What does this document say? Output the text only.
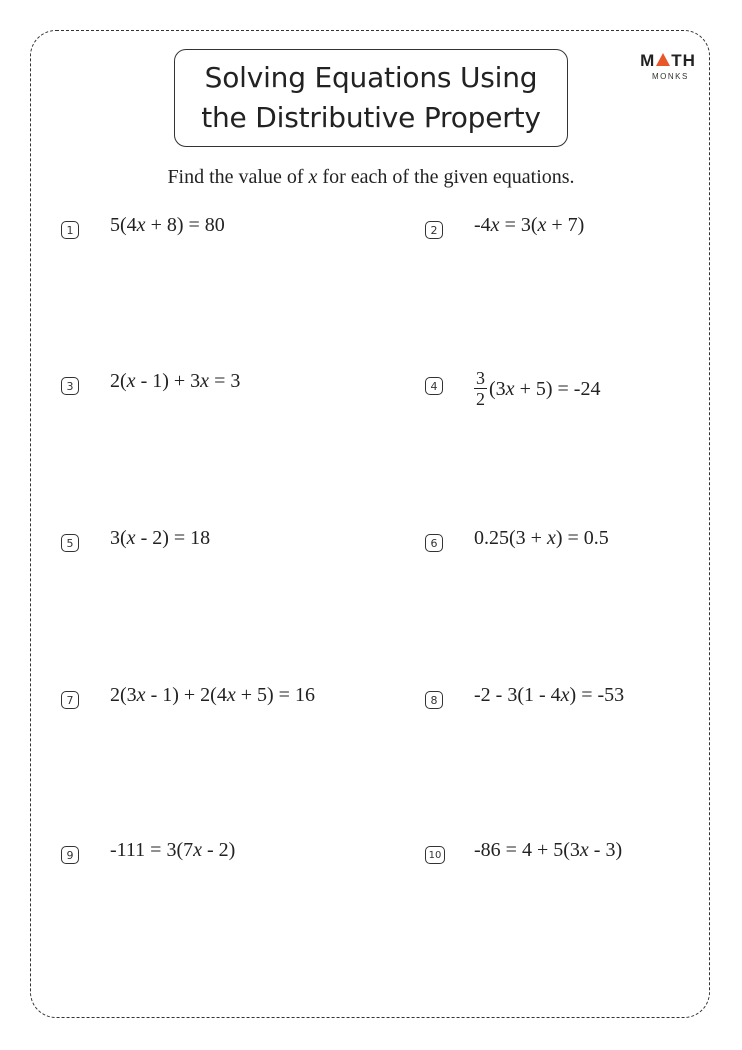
Solving Equations Using
the Distributive Property
M TH
MONKS
Find the value of x for each of the given equations.
1 5(4x + 8) = 80	2 -4x = 3(x + 7)
3 2(x - 1) + 3x = 3	4	$\frac{3}{2} (3x + 5) = -24$
5 3(x - 2) = 18	6 0.25(3 + x) = 0.5
7 2(3x - 1) + 2(4x + 5) = 16	8 -2 - 3(1 - 4x) = -53
9 -111 = 3(7x - 2)	10 -86 = 4 + 5(3x - 3)
